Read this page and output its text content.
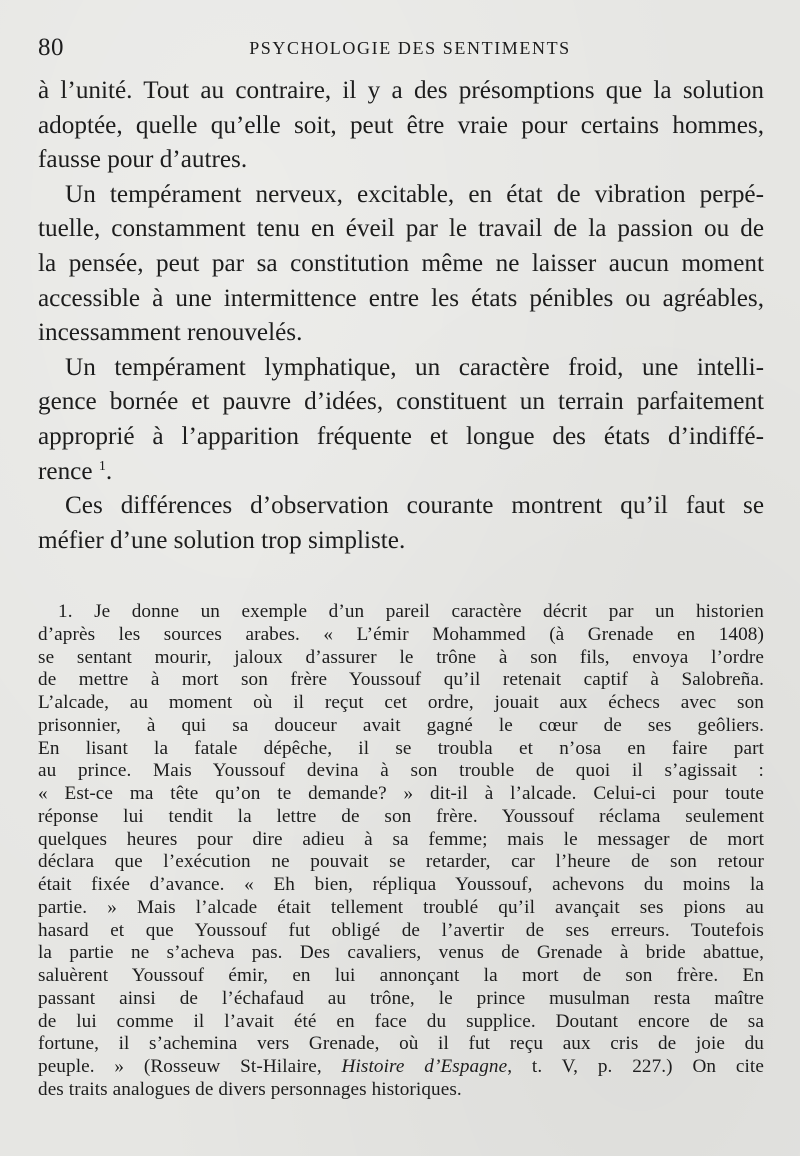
80	PSYCHOLOGIE DES SENTIMENTS
à l’unité. Tout au contraire, il y a des présomptions que la solution
adoptée, quelle qu’elle soit, peut être vraie pour certains hommes,
fausse pour d’autres.
Un tempérament nerveux, excitable, en état de vibration perpé-
tuelle, constamment tenu en éveil par le travail de la passion ou de
la pensée, peut par sa constitution même ne laisser aucun moment
accessible à une intermittence entre les états pénibles ou agréables,
incessamment renouvelés.
Un tempérament lymphatique, un caractère froid, une intelli-
gence bornée et pauvre d’idées, constituent un terrain parfaitement
approprié à l’apparition fréquente et longue des états d’indiffé-
rence $^1$.
Ces différences d’observation courante montrent qu’il faut se
méfier d’une solution trop simpliste.
1. Je donne un exemple d’un pareil caractère décrit par un historien
d’après les sources arabes. « L’émir Mohammed (à Grenade en 1408)
se sentant mourir, jaloux d’assurer le trône à son fils, envoya l’ordre
de mettre à mort son frère Youssouf qu’il retenait captif à Salobreña.
L’alcade, au moment où il reçut cet ordre, jouait aux échecs avec son
prisonnier, à qui sa douceur avait gagné le cœur de ses geôliers.
En lisant la fatale dépêche, il se troubla et n’osa en faire part
au prince. Mais Youssouf devina à son trouble de quoi il s’agissait :
« Est-ce ma tête qu’on te demande? » dit-il à l’alcade. Celui-ci pour toute
réponse lui tendit la lettre de son frère. Youssouf réclama seulement
quelques heures pour dire adieu à sa femme; mais le messager de mort
déclara que l’exécution ne pouvait se retarder, car l’heure de son retour
était fixée d’avance. « Eh bien, répliqua Youssouf, achevons du moins la
partie. » Mais l’alcade était tellement troublé qu’il avançait ses pions au
hasard et que Youssouf fut obligé de l’avertir de ses erreurs. Toutefois
la partie ne s’acheva pas. Des cavaliers, venus de Grenade à bride abattue,
saluèrent Youssouf émir, en lui annonçant la mort de son frère. En
passant ainsi de l’échafaud au trône, le prince musulman resta maître
de lui comme il l’avait été en face du supplice. Doutant encore de sa
fortune, il s’achemina vers Grenade, où il fut reçu aux cris de joie du
peuple. » (Rosseuw St-Hilaire, Histoire d’Espagne, t. V, p. 227.) On cite
des traits analogues de divers personnages historiques.
